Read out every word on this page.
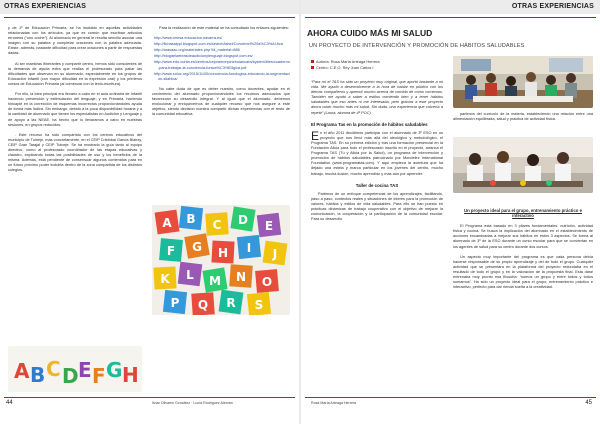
OTRAS EXPERIENCIAS

y de 1º de Educación Primaria, se ha insistido en aquellas actividades relacionadas con los artículos, ya que es común que escriban artículos erróneos (“uno coche”). Al alumnado en general le resulta sencillo asociar una imagen con su palabra y completar oraciones con la palabra adecuada. Existe, además, bastante dificultad para crear oraciones a partir de respuestas dadas.

Al ser maestras itinerantes y compartir centro, hemos sido conscientes de la demanda de ayuda extra que realiza el profesorado para paliar las dificultades que observan en su alumnado, especialmente en los grupos de Educación Infantil (con mayor dificultad en la expresión oral) y los primeros cursos de Educación Primaria (al comenzar con la lecto-escritura).

Por ello, la idea principal era llevarlo a cabo en el aula ordinaria de Infantil haciendo prevención y estimulación del lenguaje; y en Primaria, haciendo hincapié en la corrección de esquemas incorrectos proporcionándoles ayuda de forma más lúdica. Sin embargo, debido a la poca disponibilidad horaria y a la cantidad de alumnado que tienen los especialistas en Audición y Lenguaje y de apoyo a las NEAE, ha hecho que lo llevaramos a cabo en nuestras sesiones, en grupos reducidos.

. Este recurso ha sido compartido con los centros educativos del municipio de Tuineje, más concretamente, en el CEIP Cristóbal García Blairzy, CEIP Gran Tarajal y CEIP Tuineje. Se ha mostrado la guía tanto al equipo directivo, como al profesorado coordinador de las etapas educativas y claustro, explicando todas las posibilidades de uso y los beneficios de la misma. Además, está pendiente de consensuar algunos contenidos para en un futuro próximo poder incluirla dentro de la zona compartida de los distintos colegios.

A B C D E F G H

Para la realización de este material se ha consultado los enlaces siguientes:

http://www.onesa.educacion.navarra.es/
http://fichasalppi.blogspot.com.es/search/label/Concienci%20a%C3%A1fica
http://arasaac.org/materiales.php?id_material=886
http://blogdelaeteasdeaudicionylenguaje.blogspot.com.es/
http://www.edu.xunta.es/centros/ceipramonpineirolancara/system/files/cuaderno-para-trabajar-la-conciencia-fonica%C3%B3gica.pdf
http://www.suluz.org/2015/11/05/conciencia-fonologica-educando-la-segmentacion-silabica/

No cabe duda de que es deber nuestro, como docentes, ayudar en el crecimiento del alumnado proporcionándoles los recursos adecuados que favorezcan su desarrollo integral. Y al igual que el alumnado, debemos evolucionar y enriquecernos de cualquier recurso que nos asegure a este objetivo, siendo decisión nuestra compartir dichas experiencias con el resto de la comunidad educativa.

A B C D E
F G H I J
K L M N O
P Q R S
44	Itziar Olivares González · Lucía Rodríguez Alemán
OTRAS EXPERIENCIAS
AHORA CUIDO MÁS MI SALUD
UN PROYECTO DE INTERVENCIÓN Y PROMOCIÓN DE HÁBITOS SALUDABLES
Autor/a: Rosa María Arteaga Herrera
Centro: C.E.O. Rey Juan Carlos I

“Para mí el TAS ha sido un proyecto muy original, que aportó bastante a mi vida. Me ayudó a desenvolverme a la hora de hablar en público con los demás compañeros y aprendí mucho acerca de comida de cómo comemos. También me ayudó a saber a estilos comiendo bien y a tener hábitos saludables que eso antes ni me interesaba, pero gracias a este proyecto ahora cuido mucho más mi salud. Sin duda, una experiencia que volvería a repetir” (Laura, alumna de 4º POC)

El Programa Tas en la promoción de hábitos saludables

En el año 2011 decidimos participar con el alumnado de 3º ESO en un proyecto que nos llevó más allá del ideológico y metodológico, el Programa TAS. En su primera edición y tras una formación presencial en la Fundación Alicia para todo el profesorado inscrito en el proyecto, arranca el Programa TAS (Tú y Alicia por la Salud), un programa de intervención y promoción de hábitos saludables patrocinado por Mondelez International Foundation (www.programatas.com). Y aquí empieza la aventura que ha dejado una estela y marca particular en los jóvenes del centro, mucho trabajo, mucha ilusión, mucho aprendido y más aún por aprender.

Taller de cocina TAS

Partimos de un enfoque competencial de los aprendizajes, facilitando, paso a paso, contextos reales y situaciones de interés para la promoción de valores, hábitos y estilos de vida saludables. Para ello se han puesto en prácticas dinámicas de trabajo cooperativo con el objetivo de mejorar la comunicación, la cooperación y la participación de la comunidad escolar. Para su desarrollo

partimos del currículo de la materia, estableciendo una relación entre una alimentación equilibrada, salud y práctica de actividad física.

Un proyecto ideal para el grupo, entrenamiento práctico e interactivo

El Programa está basado en 3 pilares fundamentales: nutrición, actividad física y cocina. Se busca la implicación del alumnado en el establecimiento de acciones encaminadas a mejorar sus hábitos en estos 3 aspectos. Se forma al alumnado de 3º de la ESO durante un curso escolar para que se conviertan en los agentes de salud para su centro durante dos cursos.

Un aspecto muy importante del programa es que cada persona debía hacerse responsable de su propio aprendizaje y del de todo el grupo. Cualquier actividad que se presentara en la plataforma del proyecto redundaba en el resultado de todo el grupo y en la valoración de la propuesta final. Esta dase entrenaba muy pronto esa filosofía: “somos un grupo y entre todos y todos sumamos”. Ha sido un proyecto ideal para el grupo, entrenamiento práctico e interactivo, perfecto para dar rienda suelta a la creatividad.

Rosa María Arteaga Herrera	45
